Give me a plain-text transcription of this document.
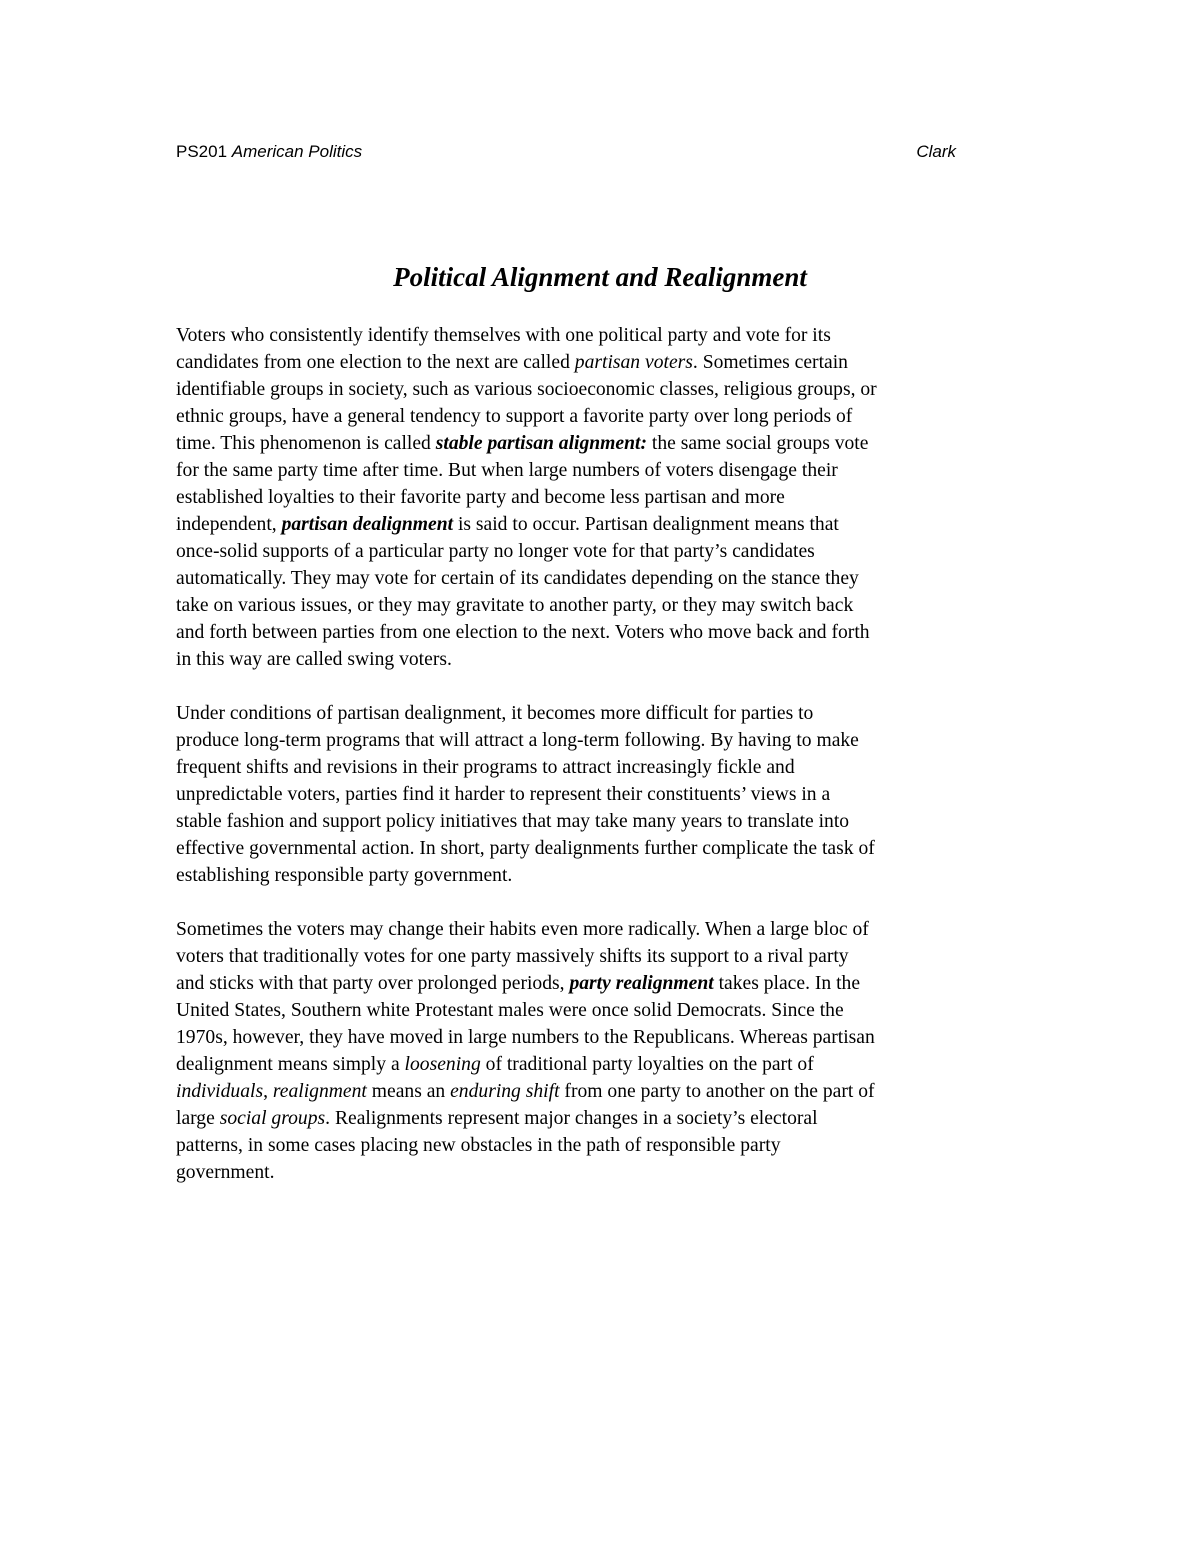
PS201 American Politics	Clark
Political Alignment and Realignment

Voters who consistently identify themselves with one political party and vote for its
candidates from one election to the next are called partisan voters. Sometimes certain
identifiable groups in society, such as various socioeconomic classes, religious groups, or
ethnic groups, have a general tendency to support a favorite party over long periods of
time. This phenomenon is called stable partisan alignment: the same social groups vote
for the same party time after time. But when large numbers of voters disengage their
established loyalties to their favorite party and become less partisan and more
independent, partisan dealignment is said to occur. Partisan dealignment means that
once-solid supports of a particular party no longer vote for that party’s candidates
automatically. They may vote for certain of its candidates depending on the stance they
take on various issues, or they may gravitate to another party, or they may switch back
and forth between parties from one election to the next. Voters who move back and forth
in this way are called swing voters.

Under conditions of partisan dealignment, it becomes more difficult for parties to
produce long-term programs that will attract a long-term following. By having to make
frequent shifts and revisions in their programs to attract increasingly fickle and
unpredictable voters, parties find it harder to represent their constituents’ views in a
stable fashion and support policy initiatives that may take many years to translate into
effective governmental action. In short, party dealignments further complicate the task of
establishing responsible party government.

Sometimes the voters may change their habits even more radically. When a large bloc of
voters that traditionally votes for one party massively shifts its support to a rival party
and sticks with that party over prolonged periods, party realignment takes place. In the
United States, Southern white Protestant males were once solid Democrats. Since the
1970s, however, they have moved in large numbers to the Republicans. Whereas partisan
dealignment means simply a loosening of traditional party loyalties on the part of
individuals, realignment means an enduring shift from one party to another on the part of
large social groups. Realignments represent major changes in a society’s electoral
patterns, in some cases placing new obstacles in the path of responsible party
government.
